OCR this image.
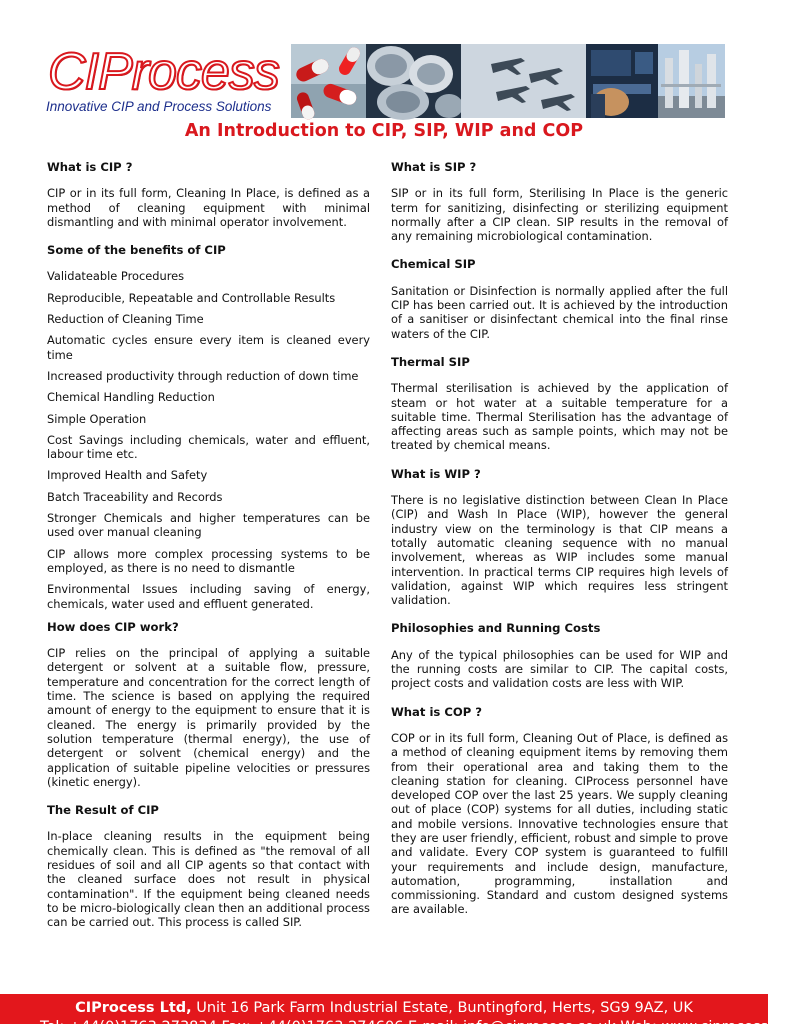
CIProcess
Innovative CIP and Process Solutions
An Introduction to CIP, SIP, WIP and COP
What is CIP ?
CIP or in its full form, Cleaning In Place, is defined as a method of cleaning equipment with minimal dismantling and with minimal operator involvement.
Some of the benefits of CIP
Validateable Procedures
Reproducible, Repeatable and Controllable Results
Reduction of Cleaning Time
Automatic cycles ensure every item is cleaned every time
Increased productivity through reduction of down time
Chemical Handling Reduction
Simple Operation
Cost Savings including chemicals, water and effluent, labour time etc.
Improved Health and Safety
Batch Traceability and Records
Stronger Chemicals and higher temperatures can be used over manual cleaning
CIP allows more complex processing systems to be employed, as there is no need to dismantle
Environmental Issues including saving of energy, chemicals, water used and effluent generated.
How does CIP work?
CIP relies on the principal of applying a suitable detergent or solvent at a suitable flow, pressure, temperature and concentration for the correct length of time. The science is based on applying the required amount of energy to the equipment to ensure that it is cleaned. The energy is primarily provided by the solution temperature (thermal energy), the use of detergent or solvent (chemical energy) and the application of suitable pipeline velocities or pressures (kinetic energy).
The Result of CIP
In-place cleaning results in the equipment being chemically clean. This is defined as "the removal of all residues of soil and all CIP agents so that contact with the cleaned surface does not result in physical contamination". If the equipment being cleaned needs to be micro-biologically clean then an additional process can be carried out. This process is called SIP.
What is SIP ?
SIP or in its full form, Sterilising In Place is the generic term for sanitizing, disinfecting or sterilizing equipment normally after a CIP clean. SIP results in the removal of any remaining microbiological contamination.
Chemical SIP
Sanitation or Disinfection is normally applied after the full CIP has been carried out. It is achieved by the introduction of a sanitiser or disinfectant chemical into the final rinse waters of the CIP.
Thermal SIP
Thermal sterilisation is achieved by the application of steam or hot water at a suitable temperature for a suitable time. Thermal Sterilisation has the advantage of affecting areas such as sample points, which may not be treated by chemical means.
What is WIP ?
There is no legislative distinction between Clean In Place (CIP) and Wash In Place (WIP), however the general industry view on the terminology is that CIP means a totally automatic cleaning sequence with no manual involvement, whereas as WIP includes some manual intervention. In practical terms CIP requires high levels of validation, against WIP which requires less stringent validation.
Philosophies and Running Costs
Any of the typical philosophies can be used for WIP and the running costs are similar to CIP. The capital costs, project costs and validation costs are less with WIP.
What is COP ?
COP or in its full form, Cleaning Out of Place, is defined as a method of cleaning equipment items by removing them from their operational area and taking them to the cleaning station for cleaning. CIProcess personnel have developed COP over the last 25 years. We supply cleaning out of place (COP) systems for all duties, including static and mobile versions. Innovative technologies ensure that they are user friendly, efficient, robust and simple to prove and validate. Every COP system is guaranteed to fulfill your requirements and include design, manufacture, automation, programming, installation and commissioning. Standard and custom designed systems are available.
CIProcess Ltd, Unit 16 Park Farm Industrial Estate, Buntingford, Herts, SG9 9AZ, UK
Tel: +44(0)1763 273834 Fax: +44(0)1763 274606 E-mail: info@ciprocess.co.uk Web: www.ciprocess.co.uk
